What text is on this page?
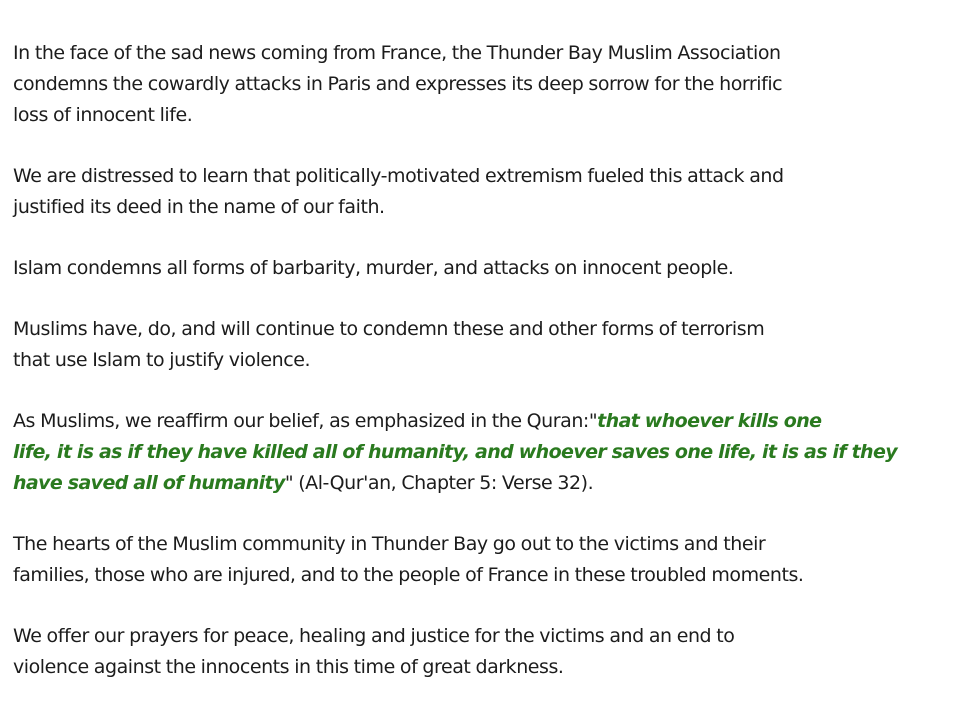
In the face of the sad news coming from France, the Thunder Bay Muslim Association
condemns the cowardly attacks in Paris and expresses its deep sorrow for the horrific
loss of innocent life.

We are distressed to learn that politically-motivated extremism fueled this attack and
justified its deed in the name of our faith.

Islam condemns all forms of barbarity, murder, and attacks on innocent people.

Muslims have, do, and will continue to condemn these and other forms of terrorism
that use Islam to justify violence.

As Muslims, we reaffirm our belief, as emphasized in the Quran:"that whoever kills one
life, it is as if they have killed all of humanity, and whoever saves one life, it is as if they
have saved all of humanity" (Al-Qur'an, Chapter 5: Verse 32).

The hearts of the Muslim community in Thunder Bay go out to the victims and their
families, those who are injured, and to the people of France in these troubled moments.

We offer our prayers for peace, healing and justice for the victims and an end to
violence against the innocents in this time of great darkness.
